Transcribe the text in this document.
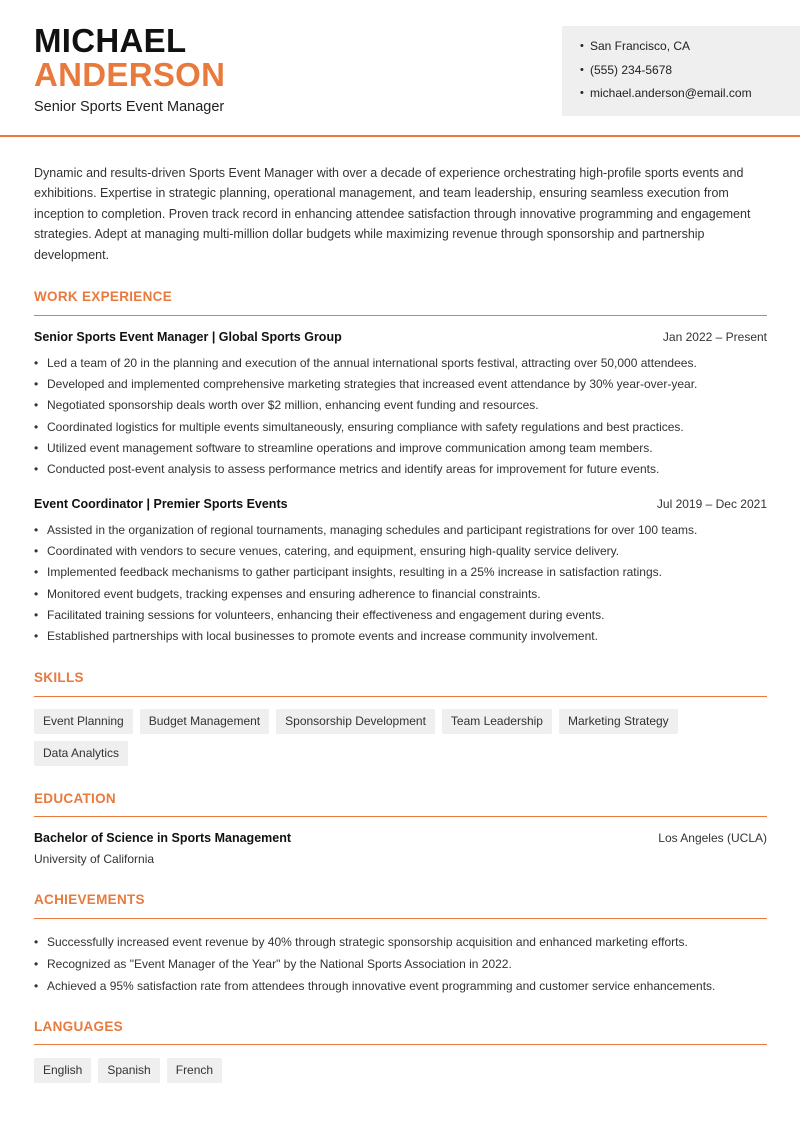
MICHAEL
ANDERSON
Senior Sports Event Manager
• San Francisco, CA
• (555) 234-5678
• michael.anderson@email.com

Dynamic and results-driven Sports Event Manager with over a decade of experience orchestrating high-profile sports events and exhibitions. Expertise in strategic planning, operational management, and team leadership, ensuring seamless execution from inception to completion. Proven track record in enhancing attendee satisfaction through innovative programming and engagement strategies. Adept at managing multi-million dollar budgets while maximizing revenue through sponsorship and partnership development.

WORK EXPERIENCE
Senior Sports Event Manager | Global Sports Group	Jan 2022 – Present
• Led a team of 20 in the planning and execution of the annual international sports festival, attracting over 50,000 attendees.
• Developed and implemented comprehensive marketing strategies that increased event attendance by 30% year-over-year.
• Negotiated sponsorship deals worth over $2 million, enhancing event funding and resources.
• Coordinated logistics for multiple events simultaneously, ensuring compliance with safety regulations and best practices.
• Utilized event management software to streamline operations and improve communication among team members.
• Conducted post-event analysis to assess performance metrics and identify areas for improvement for future events.
Event Coordinator | Premier Sports Events	Jul 2019 – Dec 2021
• Assisted in the organization of regional tournaments, managing schedules and participant registrations for over 100 teams.
• Coordinated with vendors to secure venues, catering, and equipment, ensuring high-quality service delivery.
• Implemented feedback mechanisms to gather participant insights, resulting in a 25% increase in satisfaction ratings.
• Monitored event budgets, tracking expenses and ensuring adherence to financial constraints.
• Facilitated training sessions for volunteers, enhancing their effectiveness and engagement during events.
• Established partnerships with local businesses to promote events and increase community involvement.
SKILLS
Event Planning Budget Management Sponsorship Development Team Leadership Marketing StrategyData Analytics
EDUCATION
Bachelor of Science in Sports Management	Los Angeles (UCLA)
University of California
ACHIEVEMENTS
• Successfully increased event revenue by 40% through strategic sponsorship acquisition and enhanced marketing efforts.
• Recognized as "Event Manager of the Year" by the National Sports Association in 2022.
• Achieved a 95% satisfaction rate from attendees through innovative event programming and customer service enhancements.
LANGUAGES
English Spanish French
